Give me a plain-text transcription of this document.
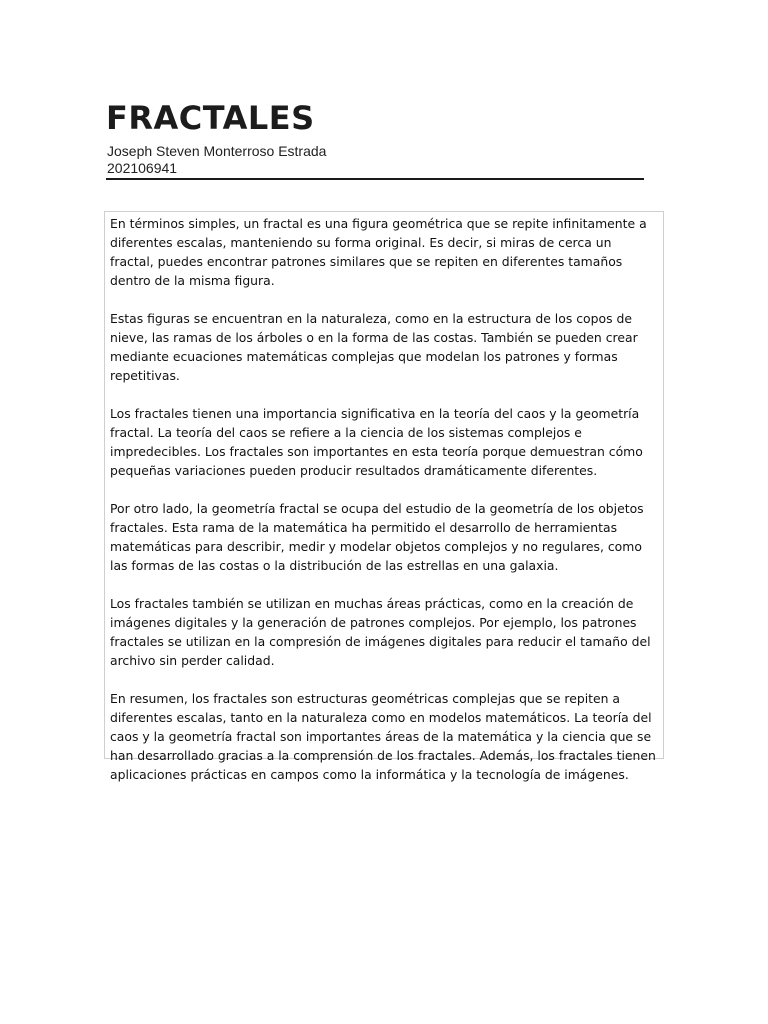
FRACTALES
Joseph Steven Monterroso Estrada
202106941

En términos simples, un fractal es una figura geométrica que se repite infinitamente a diferentes escalas, manteniendo su forma original. Es decir, si miras de cerca un fractal, puedes encontrar patrones similares que se repiten en diferentes tamaños dentro de la misma figura.

Estas figuras se encuentran en la naturaleza, como en la estructura de los copos de nieve, las ramas de los árboles o en la forma de las costas. También se pueden crear mediante ecuaciones matemáticas complejas que modelan los patrones y formas repetitivas.

Los fractales tienen una importancia significativa en la teoría del caos y la geometría fractal. La teoría del caos se refiere a la ciencia de los sistemas complejos e impredecibles. Los fractales son importantes en esta teoría porque demuestran cómo pequeñas variaciones pueden producir resultados dramáticamente diferentes.

Por otro lado, la geometría fractal se ocupa del estudio de la geometría de los objetos fractales. Esta rama de la matemática ha permitido el desarrollo de herramientas matemáticas para describir, medir y modelar objetos complejos y no regulares, como las formas de las costas o la distribución de las estrellas en una galaxia.

Los fractales también se utilizan en muchas áreas prácticas, como en la creación de imágenes digitales y la generación de patrones complejos. Por ejemplo, los patrones fractales se utilizan en la compresión de imágenes digitales para reducir el tamaño del archivo sin perder calidad.

En resumen, los fractales son estructuras geométricas complejas que se repiten a diferentes escalas, tanto en la naturaleza como en modelos matemáticos. La teoría del caos y la geometría fractal son importantes áreas de la matemática y la ciencia que se han desarrollado gracias a la comprensión de los fractales. Además, los fractales tienen aplicaciones prácticas en campos como la informática y la tecnología de imágenes.
